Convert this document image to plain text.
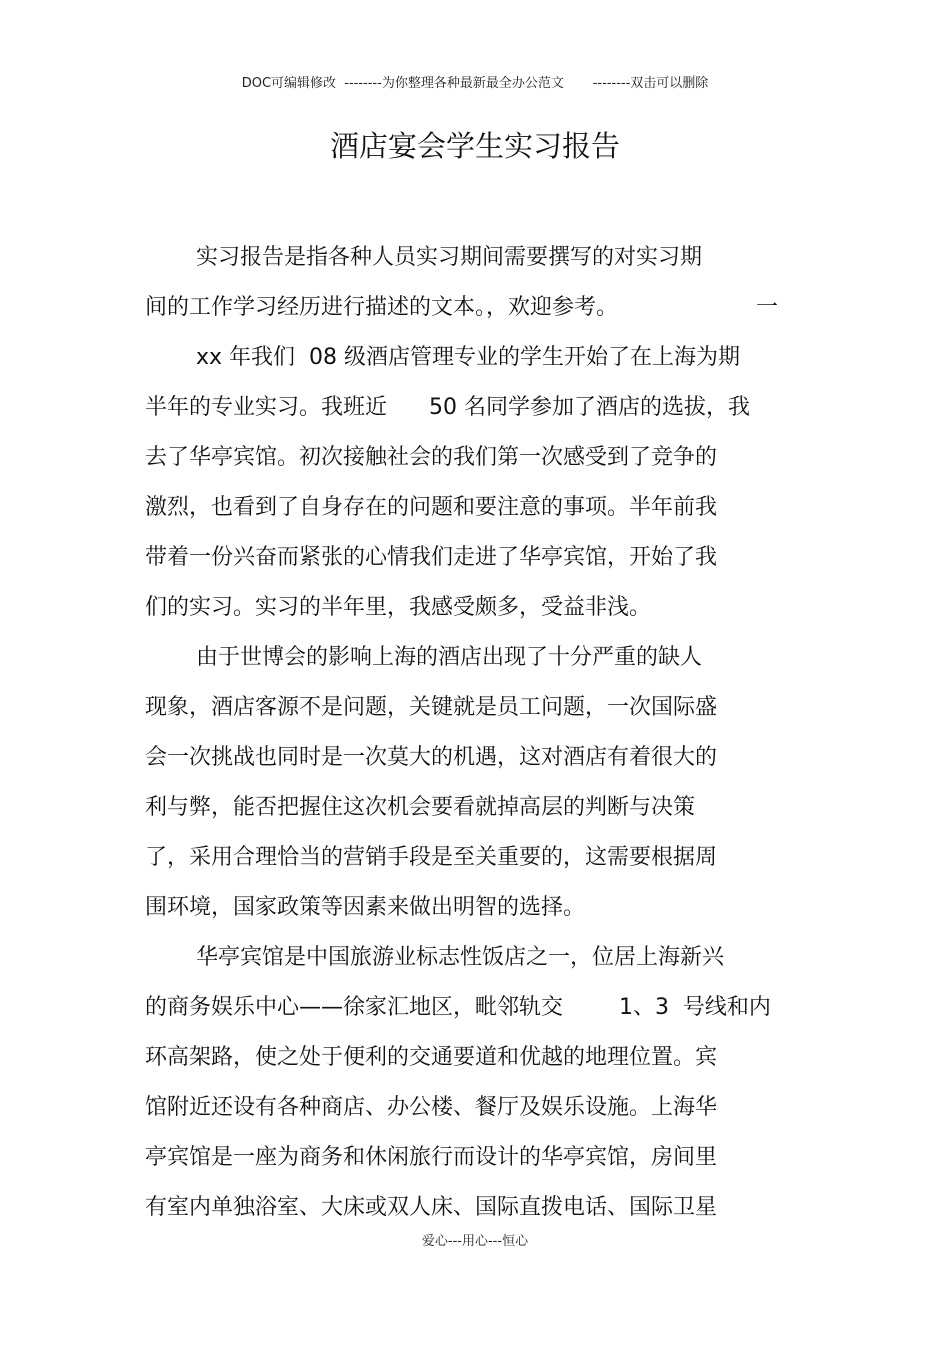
DOC可编辑修改  --------为你整理各种最新最全办公范文       --------双击可以删除
酒店宴会学生实习报告
实习报告是指各种人员实习期间需要撰写的对实习期
间的工作学习经历进行描述的文本。，欢迎参考。	一
xx 年我们  08 级酒店管理专业的学生开始了在上海为期
半年的专业实习。我班近      50 名同学参加了酒店的选拔，我
去了华亭宾馆。初次接触社会的我们第一次感受到了竞争的
激烈，也看到了自身存在的问题和要注意的事项。半年前我
带着一份兴奋而紧张的心情我们走进了华亭宾馆，开始了我
们的实习。实习的半年里，我感受颇多，受益非浅。
由于世博会的影响上海的酒店出现了十分严重的缺人
现象，酒店客源不是问题，关键就是员工问题，一次国际盛
会一次挑战也同时是一次莫大的机遇，这对酒店有着很大的
利与弊，能否把握住这次机会要看就掉高层的判断与决策
了，采用合理恰当的营销手段是至关重要的，这需要根据周
围环境，国家政策等因素来做出明智的选择。
华亭宾馆是中国旅游业标志性饭店之一，位居上海新兴
的商务娱乐中心——徐家汇地区，毗邻轨交        1、3  号线和内
环高架路，使之处于便利的交通要道和优越的地理位置。宾
馆附近还设有各种商店、办公楼、餐厅及娱乐设施。上海华
亭宾馆是一座为商务和休闲旅行而设计的华亭宾馆，房间里
有室内单独浴室、大床或双人床、国际直拨电话、国际卫星
爱心---用心---恒心
